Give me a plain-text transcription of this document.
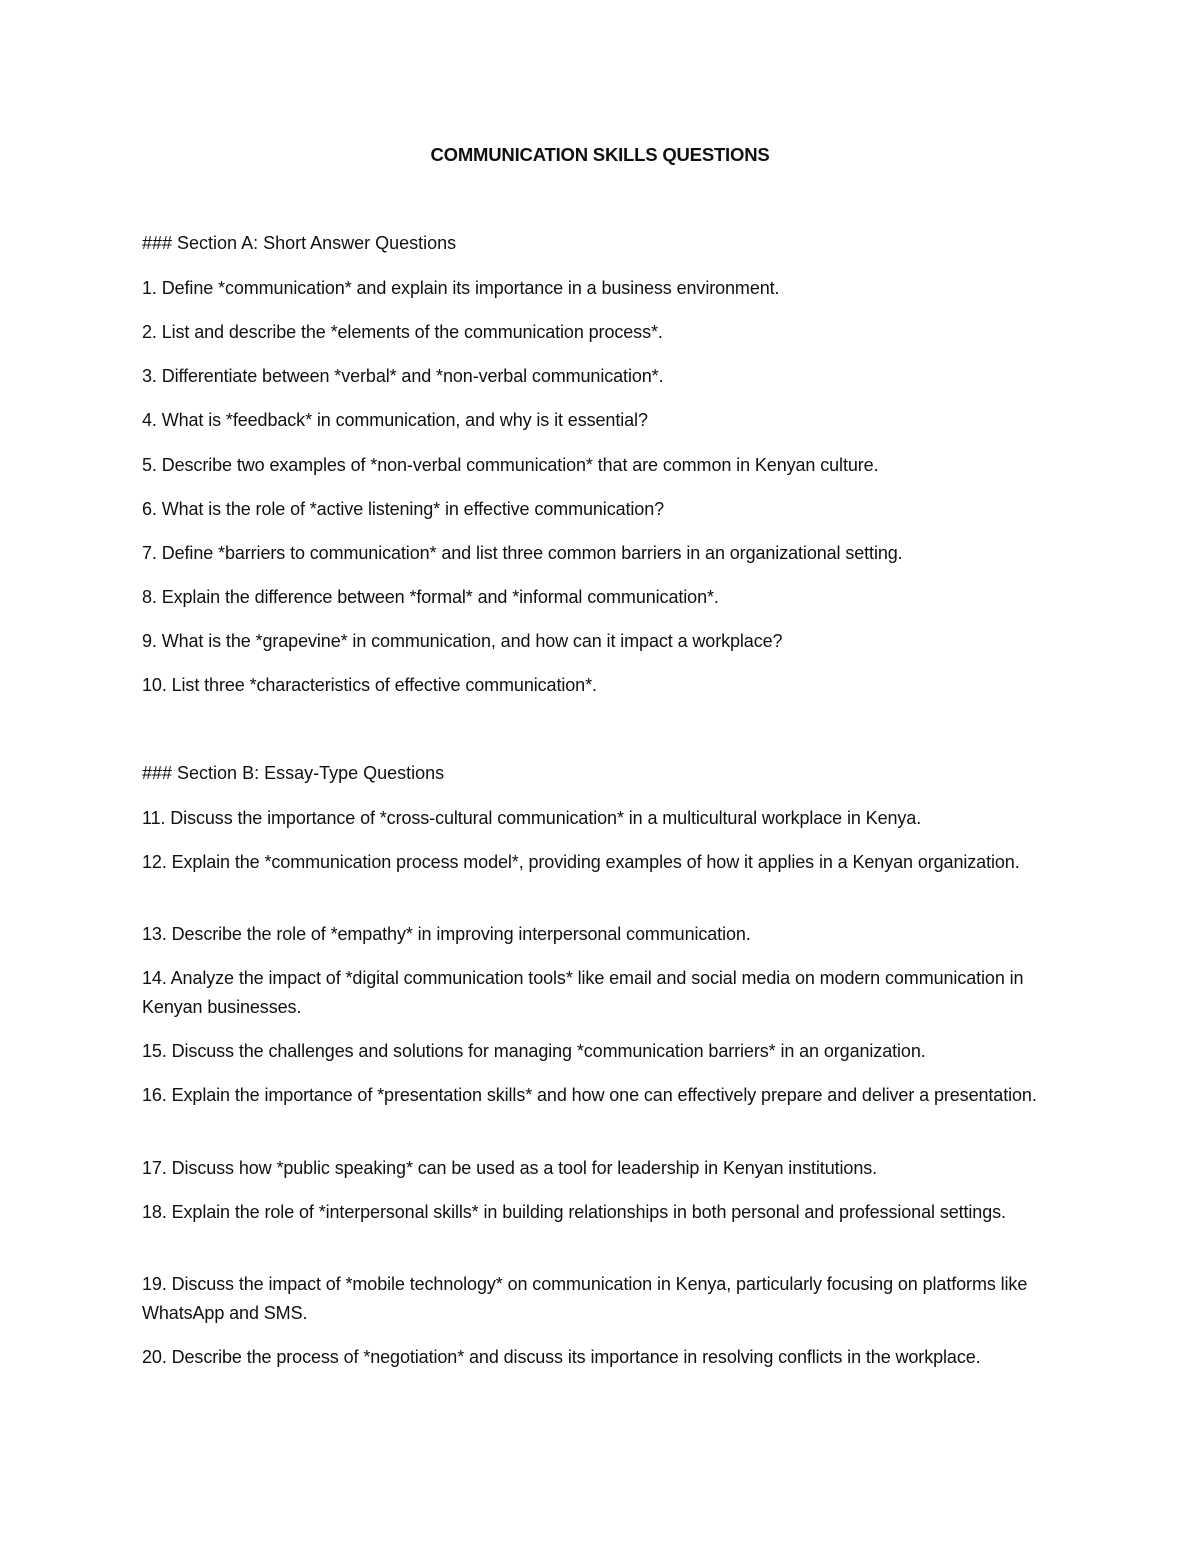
COMMUNICATION SKILLS QUESTIONS
### Section A: Short Answer Questions
1. Define *communication* and explain its importance in a business environment.
2. List and describe the *elements of the communication process*.
3. Differentiate between *verbal* and *non-verbal communication*.
4. What is *feedback* in communication, and why is it essential?
5. Describe two examples of *non-verbal communication* that are common in Kenyan culture.
6. What is the role of *active listening* in effective communication?
7. Define *barriers to communication* and list three common barriers in an organizational setting.
8. Explain the difference between *formal* and *informal communication*.
9. What is the *grapevine* in communication, and how can it impact a workplace?
10. List three *characteristics of effective communication*.
### Section B: Essay-Type Questions
11. Discuss the importance of *cross-cultural communication* in a multicultural workplace in Kenya.
12. Explain the *communication process model*, providing examples of how it applies in a Kenyan organization.
13. Describe the role of *empathy* in improving interpersonal communication.
14. Analyze the impact of *digital communication tools* like email and social media on modern communication in Kenyan businesses.
15. Discuss the challenges and solutions for managing *communication barriers* in an organization.
16. Explain the importance of *presentation skills* and how one can effectively prepare and deliver a presentation.
17. Discuss how *public speaking* can be used as a tool for leadership in Kenyan institutions.
18. Explain the role of *interpersonal skills* in building relationships in both personal and professional settings.
19. Discuss the impact of *mobile technology* on communication in Kenya, particularly focusing on platforms like WhatsApp and SMS.
20. Describe the process of *negotiation* and discuss its importance in resolving conflicts in the workplace.
